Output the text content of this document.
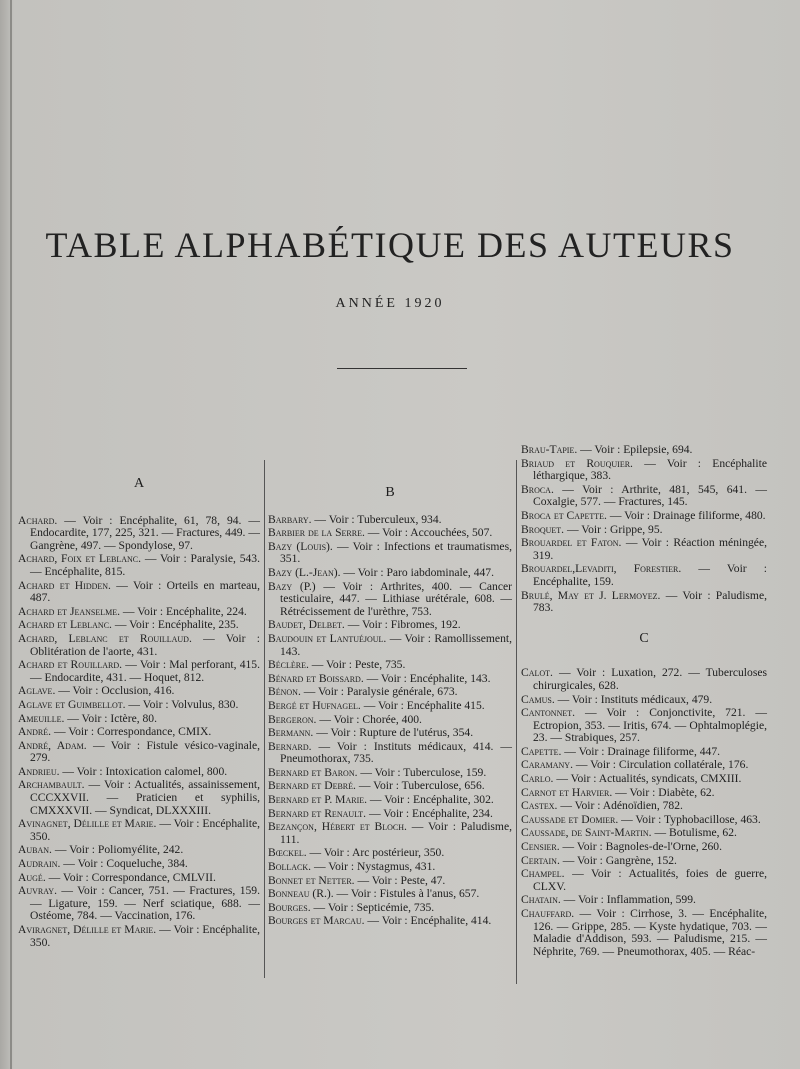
TABLE ALPHABÉTIQUE DES AUTEURS
ANNÉE 1920
A
Achard. — Voir : Encéphalite, 61, 78, 94. — Endocardite, 177, 225, 321. — Fractures, 449. — Gangrène, 497. — Spondylose, 97.
Achard, Foix et Leblanc. — Voir : Paralysie, 543. — Encéphalite, 815.
Achard et Hidden. — Voir : Orteils en marteau, 487.
Achard et Jeanselme. — Voir : Encéphalite, 224.
Achard et Leblanc. — Voir : Encéphalite, 235.
Achard, Leblanc et Rouillaud. — Voir : Oblitération de l'aorte, 431.
Achard et Rouillard. — Voir : Mal perforant, 415. — Endocardite, 431. — Hoquet, 812.
Aglave. — Voir : Occlusion, 416.
Aglave et Guimbellot. — Voir : Volvulus, 830.
Ameuille. — Voir : Ictère, 80.
André. — Voir : Correspondance, CMIX.
André, Adam. — Voir : Fistule vésico-vaginale, 279.
Andrieu. — Voir : Intoxication calomel, 800.
Archambault. — Voir : Actualités, assainissement, CCCXXVII. — Praticien et syphilis, CMXXXVII. — Syndicat, DLXXXIII.
Avinagnet, Délille et Marie. — Voir : Encéphalite, 350.
Auban. — Voir : Poliomyélite, 242.
Audrain. — Voir : Coqueluche, 384.
Augé. — Voir : Correspondance, CMLVII.
Auvray. — Voir : Cancer, 751. — Fractures, 159. — Ligature, 159. — Nerf sciatique, 688. — Ostéome, 784. — Vaccination, 176.
Aviragnet, Délille et Marie. — Voir : Encéphalite, 350.
B
Barbary. — Voir : Tuberculeux, 934.
Barbier de la Serre. — Voir : Accouchées, 507.
Bazy (Louis). — Voir : Infections et traumatismes, 351.
Bazy (L.-Jean). — Voir : Paro iabdominale, 447.
Bazy (P.) — Voir : Arthrites, 400. — Cancer testiculaire, 447. — Lithiase urétérale, 608. — Rétrécissement de l'urèthre, 753.
Baudet, Delbet. — Voir : Fibromes, 192.
Baudouin et Lantuéjoul. — Voir : Ramollissement, 143.
Béclère. — Voir : Peste, 735.
Bénard et Boissard. — Voir : Encéphalite, 143.
Bénon. — Voir : Paralysie générale, 673.
Bergé et Hufnagel. — Voir : Encéphalite 415.
Bergeron. — Voir : Chorée, 400.
Bermann. — Voir : Rupture de l'utérus, 354.
Bernard. — Voir : Instituts médicaux, 414. — Pneumothorax, 735.
Bernard et Baron. — Voir : Tuberculose, 159.
Bernard et Debré. — Voir : Tuberculose, 656.
Bernard et P. Marie. — Voir : Encéphalite, 302.
Bernard et Renault. — Voir : Encéphalite, 234.
Bezançon, Hébert et Bloch. — Voir : Paludisme, 111.
Bœckel. — Voir : Arc postérieur, 350.
Bollack. — Voir : Nystagmus, 431.
Bonnet et Netter. — Voir : Peste, 47.
Bonneau (R.). — Voir : Fistules à l'anus, 657.
Bourges. — Voir : Septicémie, 735.
Bourges et Marcau. — Voir : Encéphalite, 414.
Brau-Tapie. — Voir : Epilepsie, 694.
Briaud et Rouquier. — Voir : Encéphalite léthargique, 383.
Broca. — Voir : Arthrite, 481, 545, 641. — Coxalgie, 577. — Fractures, 145.
Broca et Capette. — Voir : Drainage filiforme, 480.
Broquet. — Voir : Grippe, 95.
Brouardel et Faton. — Voir : Réaction méningée, 319.
Brouardel,Levaditi, Forestier. — Voir : Encéphalite, 159.
Brulé, May et J. Lermoyez. — Voir : Paludisme, 783.
C
Calot. — Voir : Luxation, 272. — Tuberculoses chirurgicales, 628.
Camus. — Voir : Instituts médicaux, 479.
Cantonnet. — Voir : Conjonctivite, 721. — Ectropion, 353. — Iritis, 674. — Ophtalmoplégie, 23. — Strabiques, 257.
Capette. — Voir : Drainage filiforme, 447.
Caramany. — Voir : Circulation collatérale, 176.
Carlo. — Voir : Actualités, syndicats, CMXIII.
Carnot et Harvier. — Voir : Diabète, 62.
Castex. — Voir : Adénoïdien, 782.
Caussade et Domier. — Voir : Typhobacillose, 463.
Caussade, de Saint-Martin. — Botulisme, 62.
Censier. — Voir : Bagnoles-de-l'Orne, 260.
Certain. — Voir : Gangrène, 152.
Champel. — Voir : Actualités, foies de guerre, CLXV.
Chatain. — Voir : Inflammation, 599.
Chauffard. — Voir : Cirrhose, 3. — Encéphalite, 126. — Grippe, 285. — Kyste hydatique, 703. — Maladie d'Addison, 593. — Paludisme, 215. — Néphrite, 769. — Pneumothorax, 405. — Réac-
